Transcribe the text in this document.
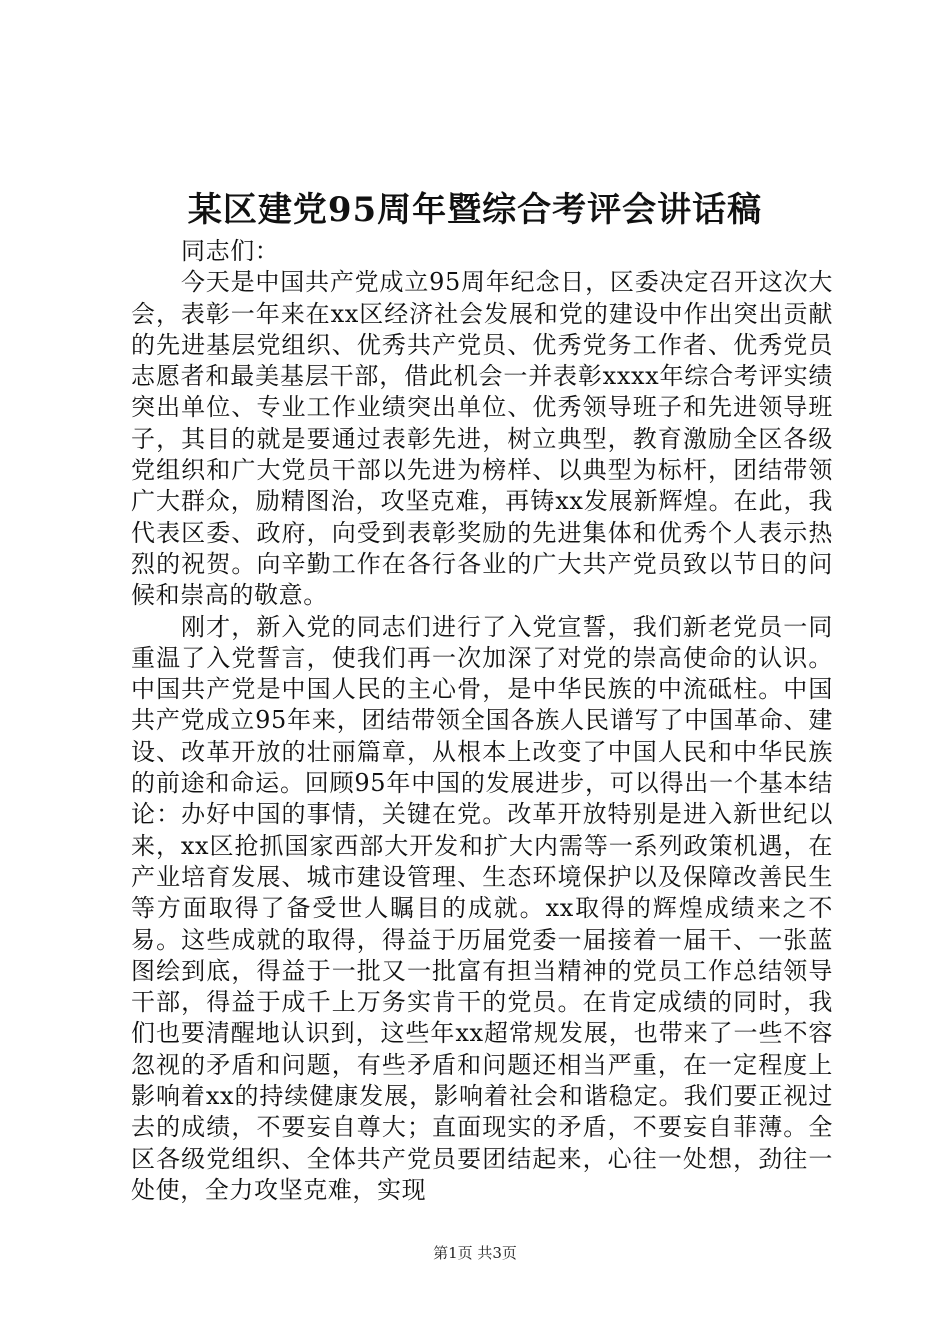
某区建党95周年暨综合考评会讲话稿

同志们：

今天是中国共产党成立95周年纪念日，区委决定召开这次大会，表彰一年来在xx区经济社会发展和党的建设中作出突出贡献的先进基层党组织、优秀共产党员、优秀党务工作者、优秀党员志愿者和最美基层干部，借此机会一并表彰xxxx年综合考评实绩突出单位、专业工作业绩突出单位、优秀领导班子和先进领导班子，其目的就是要通过表彰先进，树立典型，教育激励全区各级党组织和广大党员干部以先进为榜样、以典型为标杆，团结带领广大群众，励精图治，攻坚克难，再铸xx发展新辉煌。在此，我代表区委、政府，向受到表彰奖励的先进集体和优秀个人表示热烈的祝贺。向辛勤工作在各行各业的广大共产党员致以节日的问候和崇高的敬意。

刚才，新入党的同志们进行了入党宣誓，我们新老党员一同重温了入党誓言，使我们再一次加深了对党的崇高使命的认识。中国共产党是中国人民的主心骨，是中华民族的中流砥柱。中国共产党成立95年来，团结带领全国各族人民谱写了中国革命、建设、改革开放的壮丽篇章，从根本上改变了中国人民和中华民族的前途和命运。回顾95年中国的发展进步，可以得出一个基本结论：办好中国的事情，关键在党。改革开放特别是进入新世纪以来，xx区抢抓国家西部大开发和扩大内需等一系列政策机遇，在产业培育发展、城市建设管理、生态环境保护以及保障改善民生等方面取得了备受世人瞩目的成就。xx取得的辉煌成绩来之不易。这些成就的取得，得益于历届党委一届接着一届干、一张蓝图绘到底，得益于一批又一批富有担当精神的党员工作总结领导干部，得益于成千上万务实肯干的党员。在肯定成绩的同时，我们也要清醒地认识到，这些年xx超常规发展，也带来了一些不容忽视的矛盾和问题，有些矛盾和问题还相当严重，在一定程度上影响着xx的持续健康发展，影响着社会和谐稳定。我们要正视过去的成绩，不要妄自尊大；直面现实的矛盾，不要妄自菲薄。全区各级党组织、全体共产党员要团结起来，心往一处想，劲往一处使，全力攻坚克难，实现

第1页 共3页
